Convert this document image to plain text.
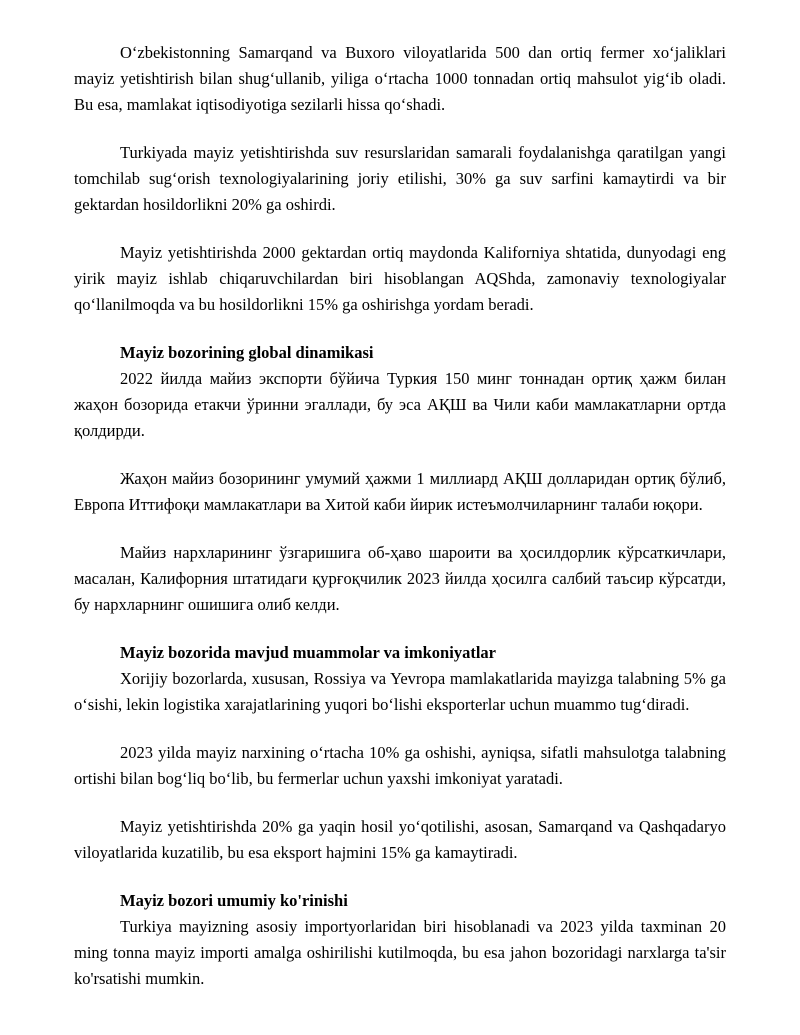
O‘zbekistonning Samarqand va Buxoro viloyatlarida 500 dan ortiq fermer xo‘jaliklari mayiz yetishtirish bilan shug‘ullanib, yiliga o‘rtacha 1000 tonnadan ortiq mahsulot yig‘ib oladi. Bu esa, mamlakat iqtisodiyotiga sezilarli hissa qo‘shadi.

Turkiyada mayiz yetishtirishda suv resurslaridan samarali foydalanishga qaratilgan yangi tomchilab sug‘orish texnologiyalarining joriy etilishi, 30% ga suv sarfini kamaytirdi va bir gektardan hosildorlikni 20% ga oshirdi.

Mayiz yetishtirishda 2000 gektardan ortiq maydonda Kaliforniya shtatida, dunyodagi eng yirik mayiz ishlab chiqaruvchilardan biri hisoblangan AQShda, zamonaviy texnologiyalar qo‘llanilmoqda va bu hosildorlikni 15% ga oshirishga yordam beradi.

Mayiz bozorining global dinamikasi

2022 йилда майиз экспорти бўйича Туркия 150 минг тоннадан ортиқ ҳажм билан жаҳон бозорида етакчи ўринни эгаллади, бу эса АҚШ ва Чили каби мамлакатларни ортда қолдирди.

Жаҳон майиз бозорининг умумий ҳажми 1 миллиард АҚШ долларидан ортиқ бўлиб, Европа Иттифоқи мамлакатлари ва Хитой каби йирик истеъмолчиларнинг талаби юқори.

Майиз нархларининг ўзгаришига об-ҳаво шароити ва ҳосилдорлик кўрсаткичлари, масалан, Калифорния штатидаги қурғоқчилик 2023 йилда ҳосилга салбий таъсир кўрсатди, бу нархларнинг ошишига олиб келди.

Mayiz bozorida mavjud muammolar va imkoniyatlar

Xorijiy bozorlarda, xususan, Rossiya va Yevropa mamlakatlarida mayizga talabning 5% ga o‘sishi, lekin logistika xarajatlarining yuqori bo‘lishi eksporterlar uchun muammo tug‘diradi.

2023 yilda mayiz narxining o‘rtacha 10% ga oshishi, ayniqsa, sifatli mahsulotga talabning ortishi bilan bog‘liq bo‘lib, bu fermerlar uchun yaxshi imkoniyat yaratadi.

Mayiz yetishtirishda 20% ga yaqin hosil yo‘qotilishi, asosan, Samarqand va Qashqadaryo viloyatlarida kuzatilib, bu esa eksport hajmini 15% ga kamaytiradi.

Mayiz bozori umumiy ko'rinishi

Turkiya mayizning asosiy importyorlaridan biri hisoblanadi va 2023 yilda taxminan 20 ming tonna mayiz importi amalga oshirilishi kutilmoqda, bu esa jahon bozoridagi narxlarga ta'sir ko'rsatishi mumkin.
